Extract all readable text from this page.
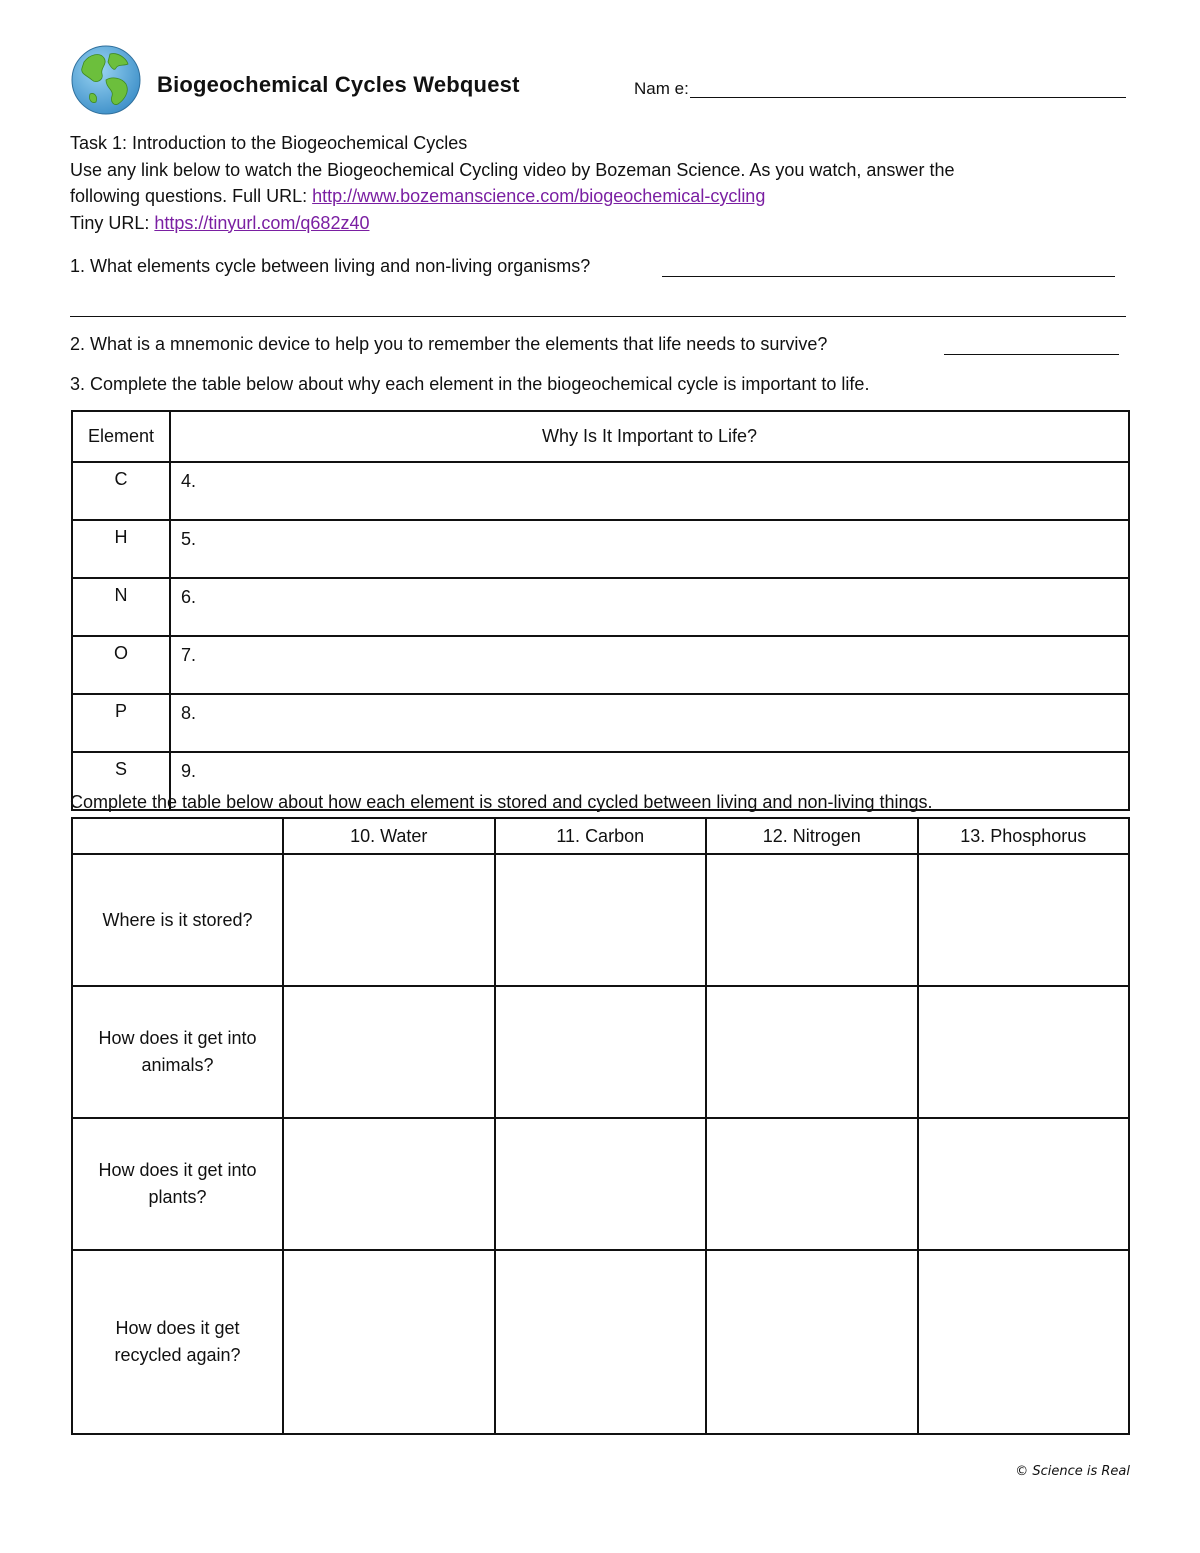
Biogeochemical Cycles Webquest	Nam e:
Task 1: Introduction to the Biogeochemical Cycles
Use any link below to watch the Biogeochemical Cycling video by Bozeman Science. As you watch, answer the
following questions. Full URL: http://www.bozemanscience.com/biogeochemical-cycling
Tiny URL: https://tinyurl.com/q682z40
1. What elements cycle between living and non-living organisms?
2. What is a mnemonic device to help you to remember the elements that life needs to survive?
3. Complete the table below about why each element in the biogeochemical cycle is important to life.
Element	Why Is It Important to Life?
C	4.
H	5.
N	6.
O	7.
P	8.
S	9.
Complete the table below about how each element is stored and cycled between living and non-living things.
	10. Water	11. Carbon	12. Nitrogen	13. Phosphorus
Where is it stored?				
How does it get into animals?				
How does it get into plants?				
How does it get recycled again?				
© Science is Real
